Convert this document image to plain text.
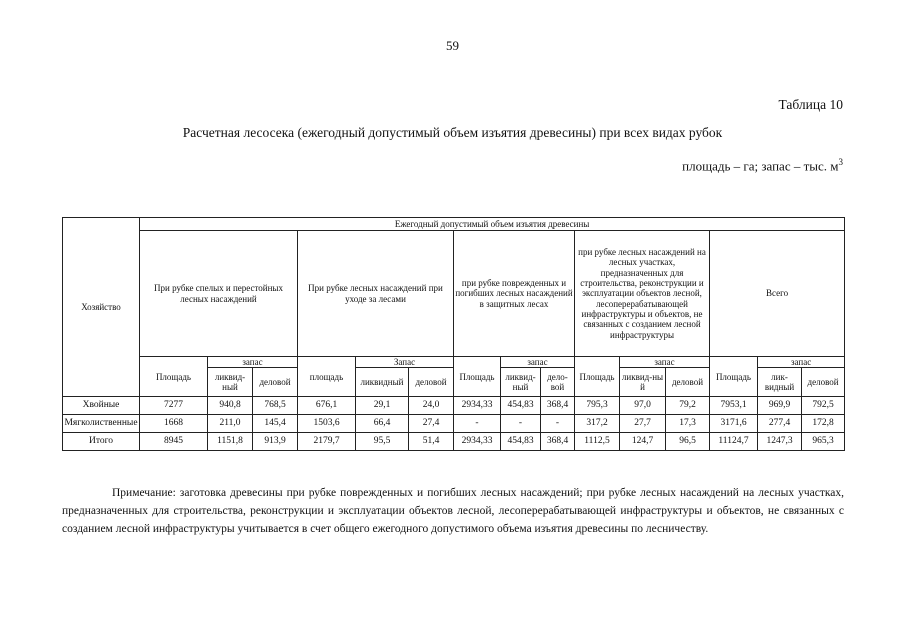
59
Таблица 10
Расчетная лесосека (ежегодный допустимый объем изъятия древесины) при всех видах рубок
площадь – га; запас – тыс. $м^3$
Хозяйство	Ежегодный допустимый объем изъятия древесины														
	При рубке спелых и перестойных лесных насаждений			При рубке лесных насаждений при уходе за лесами			при рубке поврежденных и погибших лесных насаждений в защитных лесах			при рубке лесных насаждений на лесных участках, предназначенных для строительства, реконструкции и эксплуатации объектов лесной, лесоперерабатывающей инфраструктуры и объектов, не связанных с созданием лесной инфраструктуры			Всего		
	Площадь	запас		площадь	Запас		Площадь	запас		Площадь	запас		Площадь	запас	
		ликвид-ный	деловой		ликвидный	деловой		ликвид-ный	дело-вой		ликвид-ны й	деловой		лик-видный	деловой
Хвойные	7277	940,8	768,5	676,1	29,1	24,0	2934,33	454,83	368,4	795,3	97,0	79,2	7953,1	969,9	792,5
Мягколиственные	1668	211,0	145,4	1503,6	66,4	27,4	-	-	-	317,2	27,7	17,3	3171,6	277,4	172,8
Итого	8945	1151,8	913,9	2179,7	95,5	51,4	2934,33	454,83	368,4	1112,5	124,7	96,5	11124,7	1247,3	965,3
Примечание: заготовка древесины при рубке поврежденных и погибших лесных насаждений; при рубке лесных насаждений на лесных участках, предназначенных для строительства, реконструкции и эксплуатации объектов лесной, лесоперерабатывающей инфраструктуры и объектов, не связанных с созданием лесной инфраструктуры учитывается в счет общего ежегодного допустимого объема изъятия древесины по лесничеству.
